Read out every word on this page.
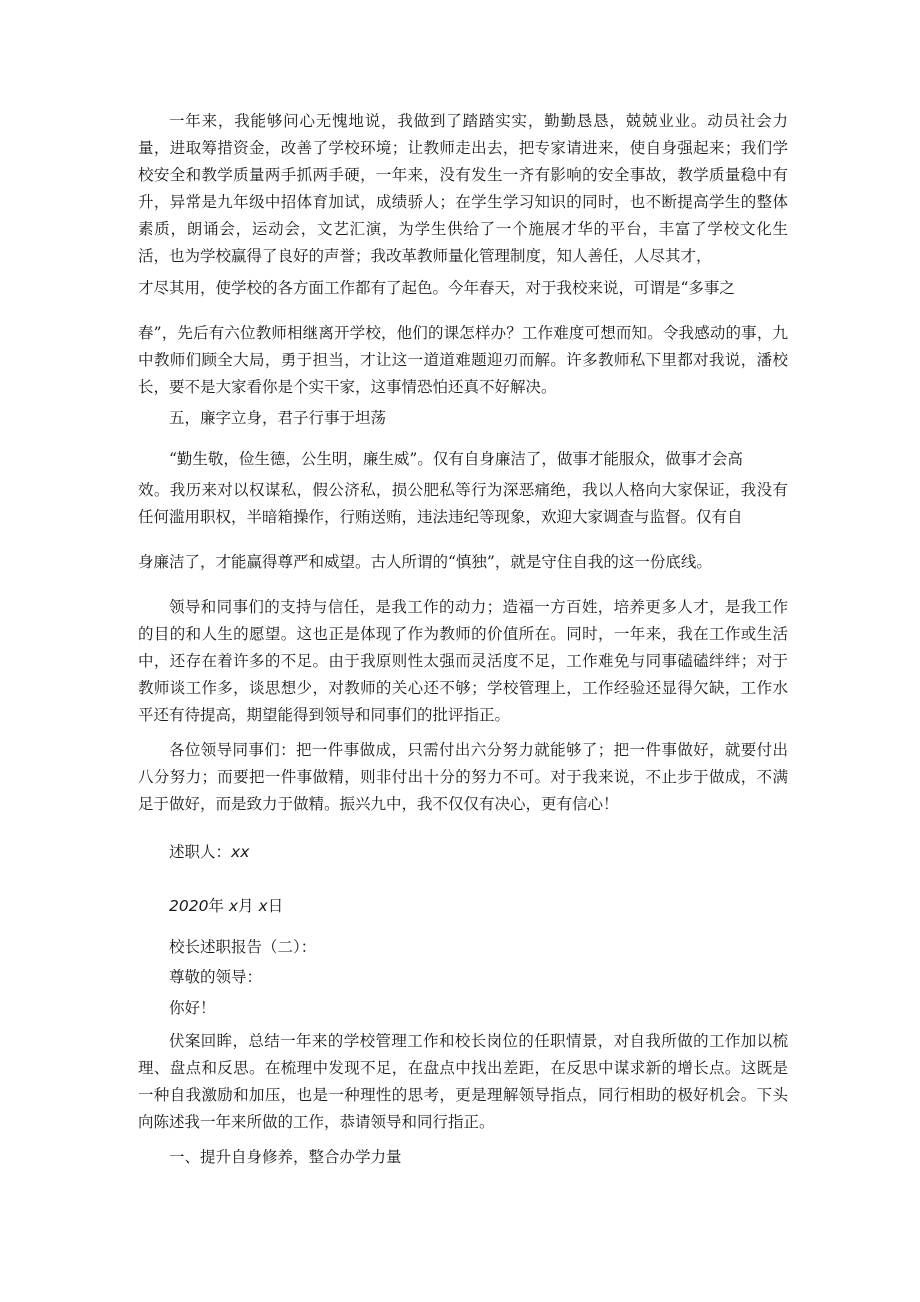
一年来，我能够问心无愧地说，我做到了踏踏实实，勤勤恳恳，兢兢业业。动员社会力量，进取筹措资金，改善了学校环境；让教师走出去，把专家请进来，使自身强起来；我们学校安全和教学质量两手抓两手硬，一年来，没有发生一齐有影响的安全事故，教学质量稳中有升，异常是九年级中招体育加试，成绩骄人；在学生学习知识的同时，也不断提高学生的整体素质，朗诵会，运动会，文艺汇演，为学生供给了一个施展才华的平台，丰富了学校文化生活，也为学校赢得了良好的声誉；我改革教师量化管理制度，知人善任，人尽其才，

才尽其用，使学校的各方面工作都有了起色。今年春天，对于我校来说，可谓是“多事之

春”，先后有六位教师相继离开学校，他们的课怎样办？工作难度可想而知。令我感动的事，九中教师们顾全大局，勇于担当，才让这一道道难题迎刃而解。许多教师私下里都对我说，潘校长，要不是大家看你是个实干家，这事情恐怕还真不好解决。

五，廉字立身，君子行事于坦荡

“勤生敬，俭生德，公生明，廉生威”。仅有自身廉洁了，做事才能服众，做事才会高

效。我历来对以权谋私，假公济私，损公肥私等行为深恶痛绝，我以人格向大家保证，我没有任何滥用职权，半暗箱操作，行贿送贿，违法违纪等现象，欢迎大家调查与监督。仅有自

身廉洁了，才能赢得尊严和威望。古人所谓的“慎独”，就是守住自我的这一份底线。

领导和同事们的支持与信任，是我工作的动力；造福一方百姓，培养更多人才，是我工作的目的和人生的愿望。这也正是体现了作为教师的价值所在。同时，一年来，我在工作或生活中，还存在着许多的不足。由于我原则性太强而灵活度不足，工作难免与同事磕磕绊绊；对于教师谈工作多，谈思想少，对教师的关心还不够；学校管理上，工作经验还显得欠缺，工作水平还有待提高，期望能得到领导和同事们的批评指正。

各位领导同事们：把一件事做成，只需付出六分努力就能够了；把一件事做好，就要付出八分努力；而要把一件事做精，则非付出十分的努力不可。对于我来说，不止步于做成，不满足于做好，而是致力于做精。振兴九中，我不仅仅有决心，更有信心！

述职人：xx

2020年 x月 x日

校长述职报告（二）：

尊敬的领导：

你好！

伏案回眸，总结一年来的学校管理工作和校长岗位的任职情景，对自我所做的工作加以梳理、盘点和反思。在梳理中发现不足，在盘点中找出差距，在反思中谋求新的增长点。这既是一种自我激励和加压，也是一种理性的思考，更是理解领导指点，同行相助的极好机会。下头向陈述我一年来所做的工作，恭请领导和同行指正。

一、提升自身修养，整合办学力量
